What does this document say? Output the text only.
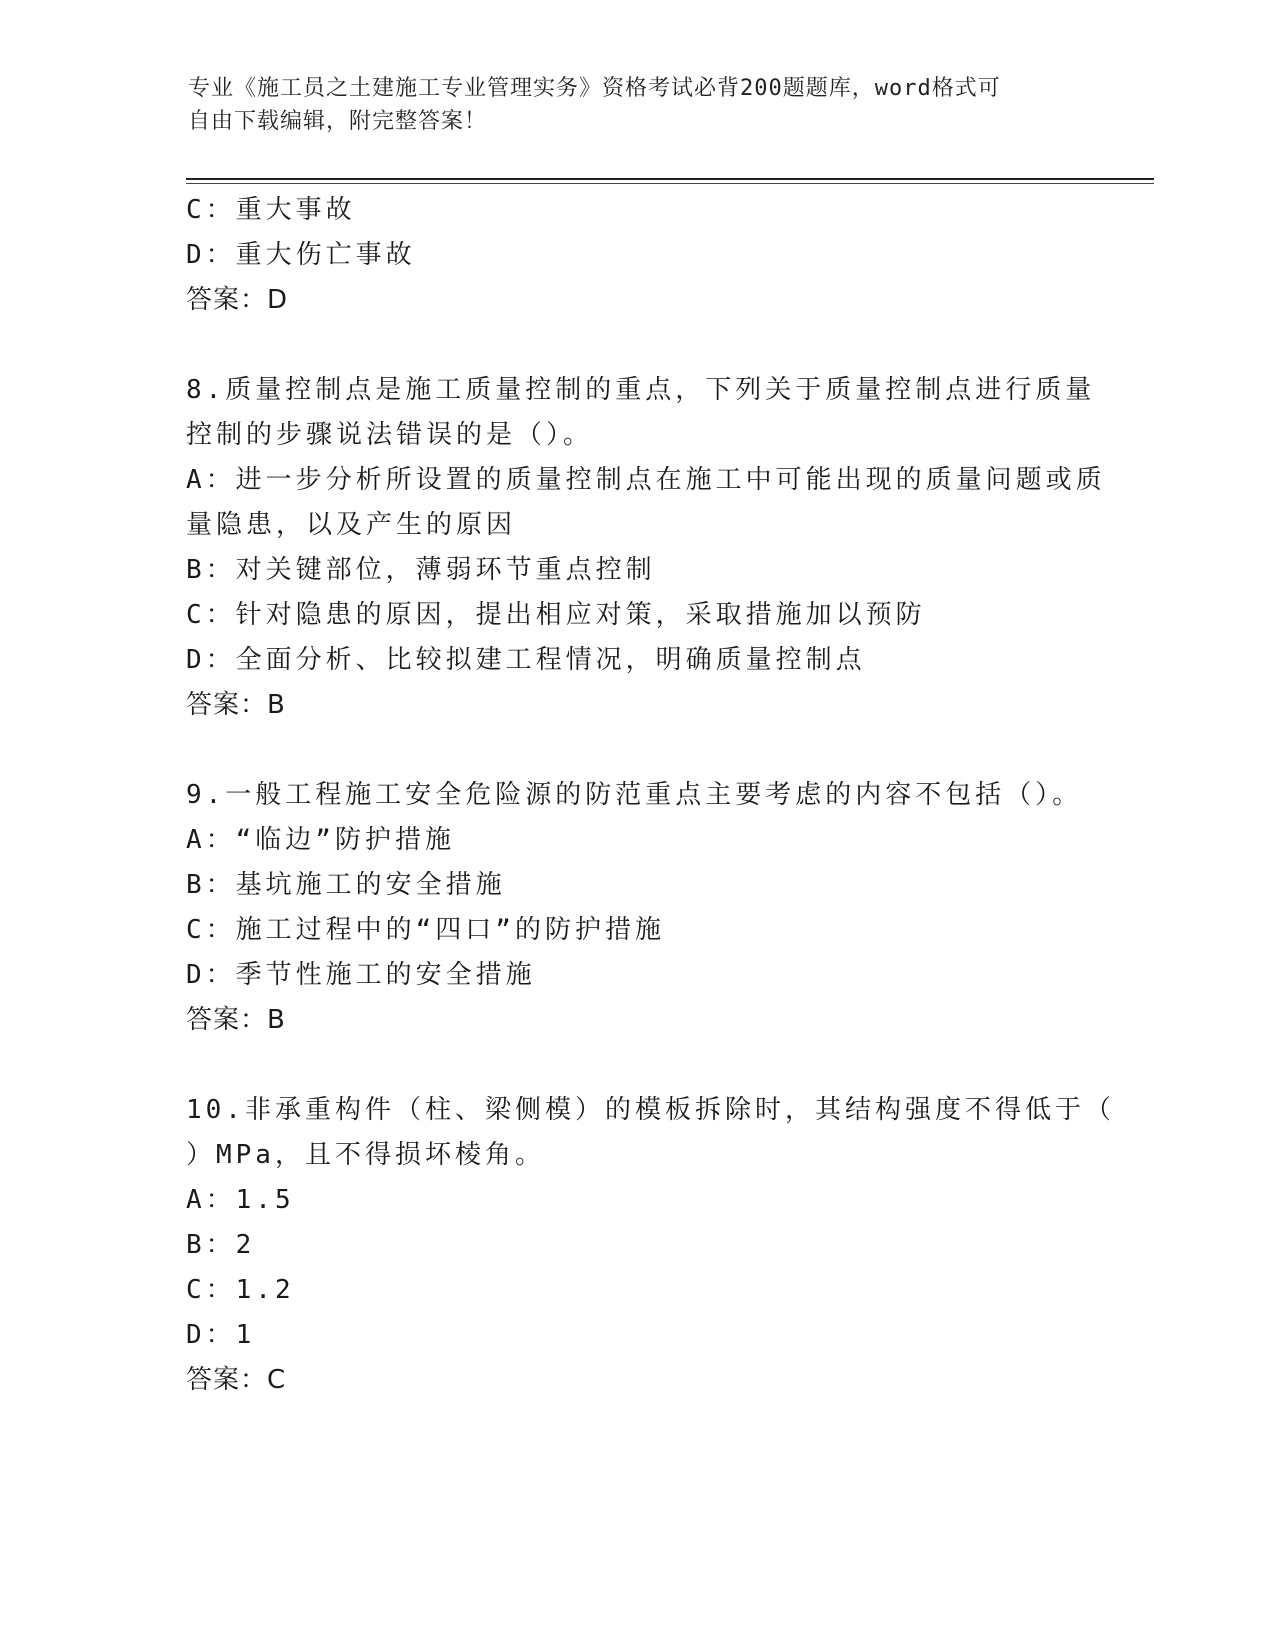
专业《施工员之土建施工专业管理实务》资格考试必背200题题库，word格式可
自由下载编辑，附完整答案！
C：重大事故
D：重大伤亡事故
答案：D
8.质量控制点是施工质量控制的重点，下列关于质量控制点进行质量
控制的步骤说法错误的是（）。
A：进一步分析所设置的质量控制点在施工中可能出现的质量问题或质
量隐患，以及产生的原因
B：对关键部位，薄弱环节重点控制
C：针对隐患的原因，提出相应对策，采取措施加以预防
D：全面分析、比较拟建工程情况，明确质量控制点
答案：B
9.一般工程施工安全危险源的防范重点主要考虑的内容不包括（）。
A：“临边”防护措施
B：基坑施工的安全措施
C：施工过程中的“四口”的防护措施
D：季节性施工的安全措施
答案：B
10.非承重构件（柱、梁侧模）的模板拆除时，其结构强度不得低于（
）MPa，且不得损坏棱角。
A：1.5
B：2
C：1.2
D：1
答案：C
